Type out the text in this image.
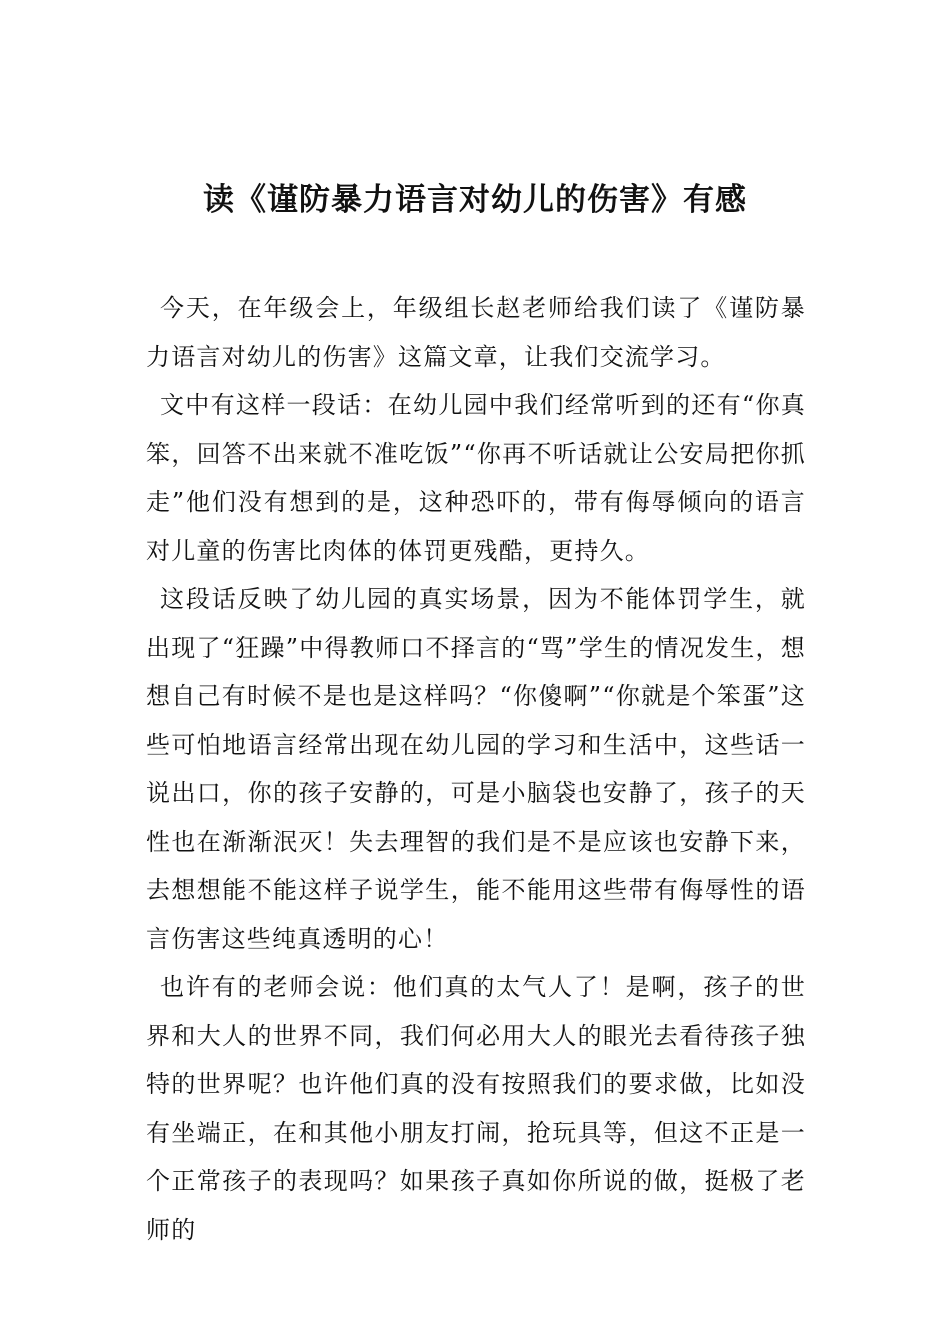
读《谨防暴力语言对幼儿的伤害》有感

今天，在年级会上，年级组长赵老师给我们读了《谨防暴力语言对幼儿的伤害》这篇文章，让我们交流学习。

文中有这样一段话：在幼儿园中我们经常听到的还有“你真笨，回答不出来就不准吃饭”“你再不听话就让公安局把你抓走”他们没有想到的是，这种恐吓的，带有侮辱倾向的语言对儿童的伤害比肉体的体罚更残酷，更持久。

这段话反映了幼儿园的真实场景，因为不能体罚学生，就出现了“狂躁”中得教师口不择言的“骂”学生的情况发生，想想自己有时候不是也是这样吗？“你傻啊”“你就是个笨蛋”这些可怕地语言经常出现在幼儿园的学习和生活中，这些话一说出口，你的孩子安静的，可是小脑袋也安静了，孩子的天性也在渐渐泯灭！失去理智的我们是不是应该也安静下来，去想想能不能这样子说学生，能不能用这些带有侮辱性的语言伤害这些纯真透明的心！

也许有的老师会说：他们真的太气人了！是啊，孩子的世界和大人的世界不同，我们何必用大人的眼光去看待孩子独特的世界呢？也许他们真的没有按照我们的要求做，比如没有坐端正，在和其他小朋友打闹，抢玩具等，但这不正是一个正常孩子的表现吗？如果孩子真如你所说的做，挺极了老师的
